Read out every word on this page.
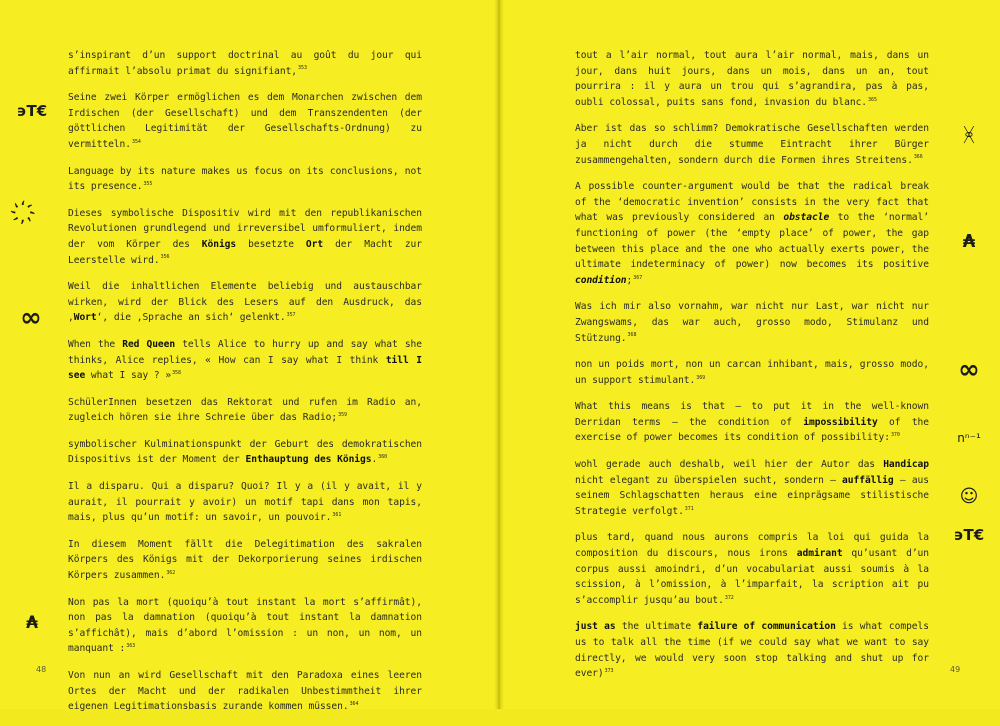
s’inspirant d’un support doctrinal au goût du jour qui affirmait l’absolu primat du signifiant,$^{353}$

Seine zwei Körper ermöglichen es dem Monarchen zwischen dem Irdischen (der Gesellschaft) und dem Transzendenten (der göttlichen Legitimität der Gesellschafts-Ordnung) zu vermitteln.$^{354}$

Language by its nature makes us focus on its conclusions, not its presence.$^{355}$

Dieses symbolische Dispositiv wird mit den republikanischen Revolutionen grundlegend und irreversibel umformuliert, indem der vom Körper des Königs besetzte Ort der Macht zur Leerstelle wird.$^{356}$

Weil die inhaltlichen Elemente beliebig und austauschbar wirken, wird der Blick des Lesers auf den Ausdruck, das ‚Wort‘, die ‚Sprache an sich‘ gelenkt.$^{357}$

When the Red Queen tells Alice to hurry up and say what she thinks, Alice replies, « How can I say what I think till I see what I say ? »$^{358}$

SchülerInnen besetzen das Rektorat und rufen im Radio an, zugleich hören sie ihre Schreie über das Radio;$^{359}$

symbolischer Kulminationspunkt der Geburt des demokratischen Dispositivs ist der Moment der Enthauptung des Königs.$^{360}$

Il a disparu. Qui a disparu? Quoi? Il y a (il y avait, il y aurait, il pourrait y avoir) un motif tapi dans mon tapis, mais, plus qu’un motif: un savoir, un pouvoir.$^{361}$

In diesem Moment fällt die Delegitimation des sakralen Körpers des Königs mit der Dekorporierung seines irdischen Körpers zusammen.$^{362}$

Non pas la mort (quoiqu’à tout instant la mort s’affirmât), non pas la damnation (quoiqu’à tout instant la damnation s’affichât), mais d’abord l’omission : un non, un nom, un manquant :$^{363}$

Von nun an wird Gesellschaft mit den Paradoxa eines leeren Ortes der Macht und der radikalen Unbestimmtheit ihrer eigenen Legitimationsbasis zurande kommen müssen.$^{364}$

tout a l’air normal, tout aura l’air normal, mais, dans un jour, dans huit jours, dans un mois, dans un an, tout pourrira : il y aura un trou qui s’agrandira, pas à pas, oubli colossal, puits sans fond, invasion du blanc.$^{365}$

Aber ist das so schlimm? Demokratische Gesellschaften werden ja nicht durch die stumme Eintracht ihrer Bürger zusammengehalten, sondern durch die Formen ihres Streitens.$^{366}$

A possible counter-argument would be that the radical break of the ‘democratic invention’ consists in the very fact that what was previously considered an obstacle to the ‘normal’ functioning of power (the ‘empty place’ of power, the gap between this place and the one who actually exerts power, the ultimate indeterminacy of power) now becomes its positive condition;$^{367}$

Was ich mir also vornahm, war nicht nur Last, war nicht nur Zwangswams, das war auch, grosso modo, Stimulanz und Stützung.$^{368}$

non un poids mort, non un carcan inhibant, mais, grosso modo, un support stimulant.$^{369}$

What this means is that – to put it in the well-known Derridan terms – the condition of impossibility of the exercise of power becomes its condition of possibility:$^{370}$

wohl gerade auch deshalb, weil hier der Autor das Handicap nicht elegant zu überspielen sucht, sondern – auffällig – aus seinem Schlagschatten heraus eine einprägsame stilistische Strategie verfolgt.$^{371}$

plus tard, quand nous aurons compris la loi qui guida la composition du discours, nous irons admirant qu’usant d’un corpus aussi amoindri, d’un vocabulariat aussi soumis à la scission, à l’omission, à l’imparfait, la scription ait pu s’accomplir jusqu’au bout.$^{372}$

just as the ultimate failure of communication is what compels us to talk all the time (if we could say what we want to say directly, we would very soon stop talking and shut up for ever)$^{373}$

϶T€
҉
∞
₳
ᚸ
₳
∞
nⁿ⁻¹
☺
϶T€
48	49
